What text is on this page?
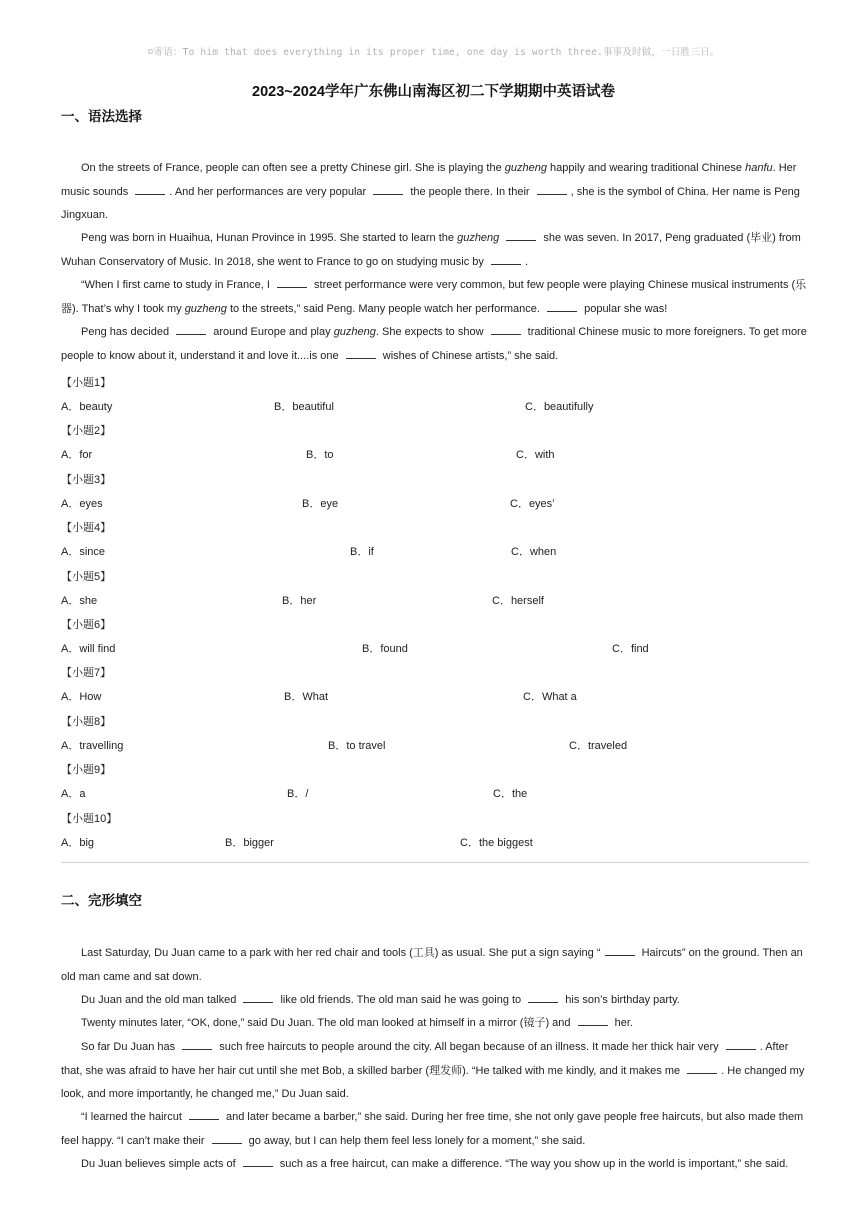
☺寄语：To him that does everything in its proper time, one day is worth three.事事及时做，一日胜三日。
2023~2024学年广东佛山南海区初二下学期期中英语试卷
一、语法选择

On the streets of France, people can often see a pretty Chinese girl. She is playing the guzheng happily and wearing traditional Chinese hanfu. Her music sounds	. And her performances are very popular	the people there. In their	, she is the symbol of China. Her name is Peng Jingxuan.

Peng was born in Huaihua, Hunan Province in 1995. She started to learn the guzheng	she was seven. In 2017, Peng graduated (毕业) from Wuhan Conservatory of Music. In 2018, she went to France to go on studying music by	.

“When I first came to study in France, I	street performance were very common, but few people were playing Chinese musical instruments (乐器). That’s why I took my guzheng to the streets,” said Peng. Many people watch her performance.	popular she was!

Peng has decided	around Europe and play guzheng. She expects to show	traditional Chinese music to more foreigners. To get more people to know about it, understand it and love it....is one	wishes of Chinese artists,” she said.

【小题1】
A．beauty	B．beautiful	C．beautifully
【小题2】
A．for	B．to	C．with
【小题3】
A．eyes	B．eye	C．eyes’
【小题4】
A．since	B．if	C．when
【小题5】
A．she	B．her	C．herself
【小题6】
A．will find	B．found	C．find
【小题7】
A．How	B．What	C．What a
【小题8】
A．travelling	B．to travel	C．traveled
【小题9】
A．a	B．/	C．the
【小题10】
A．big	B．bigger	C．the biggest
二、完形填空

Last Saturday, Du Juan came to a park with her red chair and tools (工具) as usual. She put a sign saying “	Haircuts” on the ground. Then an old man came and sat down.

Du Juan and the old man talked	like old friends. The old man said he was going to	his son’s birthday party.

Twenty minutes later, “OK, done,” said Du Juan. The old man looked at himself in a mirror (镜子) and	her.

So far Du Juan has	such free haircuts to people around the city. All began because of an illness. It made her thick hair very	. After that, she was afraid to have her hair cut until she met Bob, a skilled barber (理发师). “He talked with me kindly, and it makes me	. He changed my look, and more importantly, he changed me,” Du Juan said.

“I learned the haircut	and later became a barber,” she said. During her free time, she not only gave people free haircuts, but also made them feel happy. “I can’t make their	go away, but I can help them feel less lonely for a moment,” she said.

Du Juan believes simple acts of	such as a free haircut, can make a difference. “The way you show up in the world is important,” she said.
